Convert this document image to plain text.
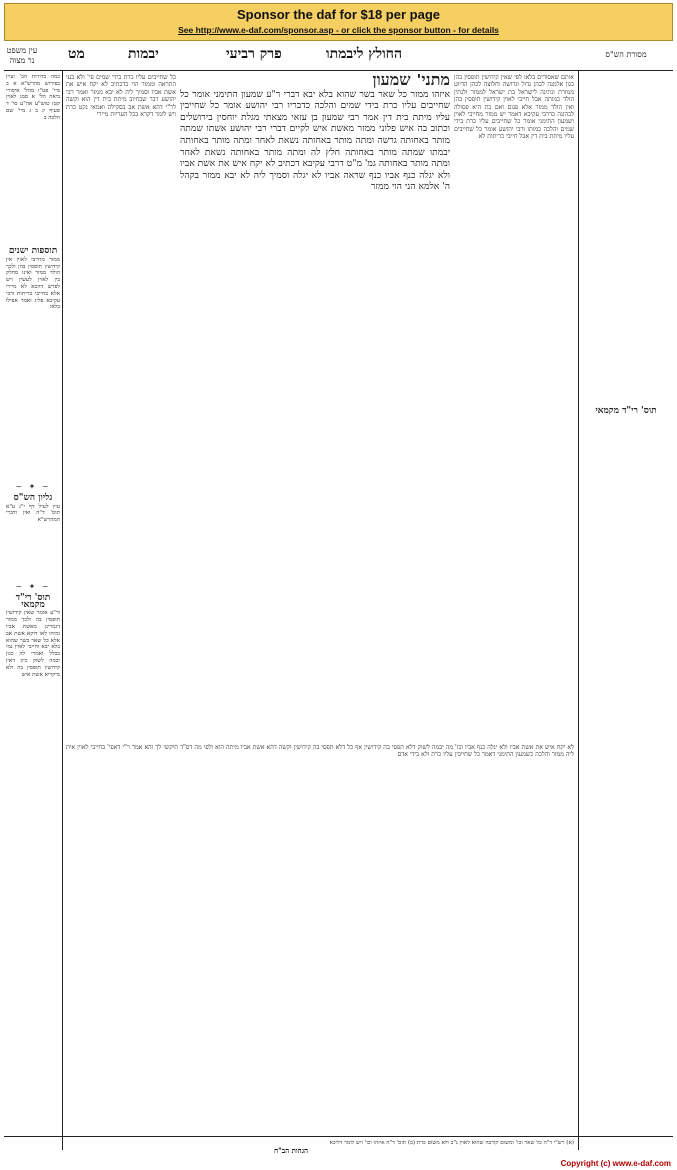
Sponsor the daf for $18 per page
See http://www.e-daf.com/sponsor.asp - or click the sponsor button - for details
עין משפט
נר מצוה	מט	יבמות	פרק רביעי	החולץ ליבמתו	מסורת הש"ס
כמה בדורות הב' ועיין בפירוש מהרש"א א ב מיי' פט"ו מהל' איסורי ביאה הל' א סמג לאוין קטז טוש"ע אה"ע סי' ד סעיף יג ב ג מיי' שם הלכה ב
תוספות ישנים
ממזר מחייבי לאוין אין קידושין תופסין בהן ולכך הולד ממזר ואינו מחלק בין לאוין לעשין ויש לפרש דהכא לא מיירי אלא בחייבי כריתות ורבי עקיבא פליג ואמר אפילו בלאו
~ ✦ ~
גליון הש"ס
עיין לעיל דף י"ג ע"א תוס' ד"ה ואין ודברי המהרש"א
~ ✦ ~
תוס' רי"ד מקמאי
ור"ע אומר שאין קידושין תופסין בה ולכך ממזר דגמרינן מאשת אביו ומיהו לאו דוקא אשת אב אלא כל שאר בשר שהוא בלא יבא וחייבי לאוין נמי בכלל ואמרי לה כגון יבמה לשוק כיון דאין קידושין תופסין בה ולא מיקריא אשת איש
כל שחייבים עליו כרת בידי שמים פי' ולא בעי התראה וממזר הוי כדכתיב לא יקח איש את אשת אביו וסמיך ליה לא יבא ממזר ואמר רבי יהושע דבר שבחיוב מיתת בית דין הוא וקשה לר"י דהא אשת אב בסקילה ואמאי נקט כרת ויש לומר דקרא בכל העריות מיירי
מתני' שמעון
איזהו ממזר כל שאר בשר שהוא בלא יבא דברי ר"ע שמעון התימני אומר כל שחייבים עליו כרת בידי שמים והלכה כדבריו רבי יהושע אומר כל שחייבין עליו מיתת בית דין אמר רבי שמעון בן עזאי מצאתי מגלת יוחסין בירושלים וכתוב בה איש פלוני ממזר מאשת איש לקיים דברי רבי יהושע אשתו שמתה מותר באחותה גרשה ומתה מותר באחותה נשאת לאחר ומתה מותר באחותה יבמתו שמתה מותר באחותה חלץ לה ומתה מותר באחותה נשאת לאחר ומתה מותר באחותה גמ' מ"ט דרבי עקיבא דכתיב לא יקח איש את אשת אביו ולא יגלה כנף אביו כנף שראה אביו לא יגלה וסמיך ליה לא יבא ממזר בקהל ה' אלמא הני הוי ממזר
אותם שאסורים בלאו לפי שאין קידושין תופסין בהן כגון אלמנה לכהן גדול וגרושה וחלוצה לכהן הדיוט ממזרת ונתינה לישראל בת ישראל לממזר ולנתין הולד כמותה אבל חייבי לאוין קידושין תופסין בהן ואין הולד ממזר אלא פגום ואם בת היא פסולה לכהונה כדרבי עקיבא דאמר יש ממזר מחייבי לאוין ושמעון התימני אומר כל שחייבים עליו כרת בידי שמים והלכה כמותו ורבי יהושע אומר כל שחייבים עליו מיתת בית דין אבל חייבי כריתות לא
תוס' רי"ד מקמאי
לא יקח איש את אשת אביו ולא יגלה כנף אביו וכו' מה יבמה לשוק דלא תפסי בה קידושין אף כל דלא תפסי בה קידושין וקשה דהא אשת אביו מיתה הוא ולפי מה דס"ד תיקשי לך והא אמר ר"י דאפי' בחייבי לאוין אית ליה ממזר והלכה כשמעון התימני דאמר כל שחייבין עליו כרת ולא בידי אדם
הגהות הב"ח
(א) רש"י ד"ה כל שאר וכו' ומשום קורבה שהוא לאוין נ"ב ולא משום כרת (ב) תוס' ד"ה איזהו וכו' ויש לומר דליכא
Copyright (c) www.e-daf.com
